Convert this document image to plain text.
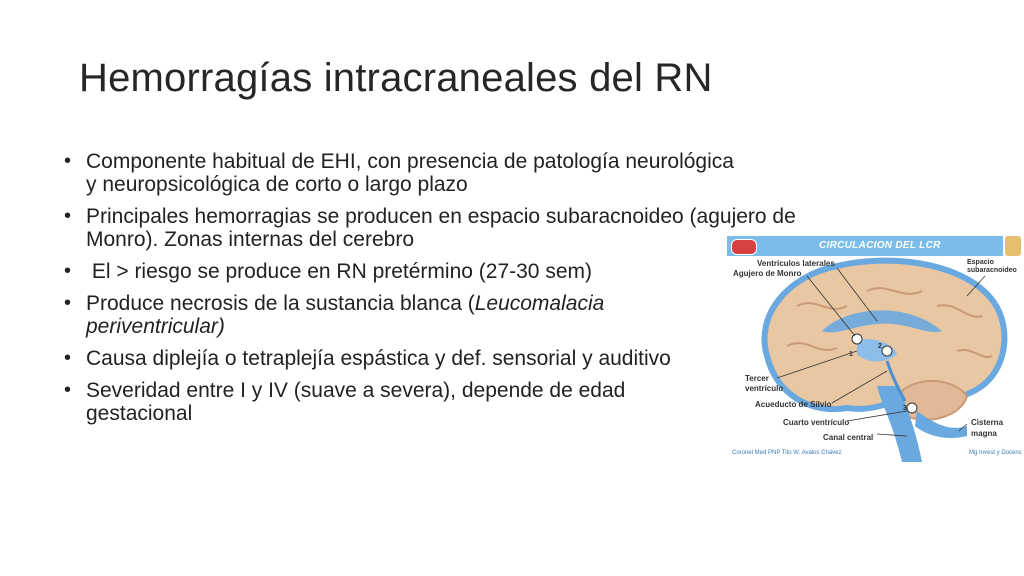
Hemorragías intracraneales del RN
• Componente habitual de EHI, con presencia de patología neurológica y neuropsicológica de corto o largo plazo
• Principales hemorragias se producen en espacio subaracnoideo (agujero de Monro). Zonas internas del cerebro
• El > riesgo se produce en RN pretérmino (27-30 sem)
• Produce necrosis de la sustancia blanca (Leucomalacia periventricular)
• Causa diplejía o tetraplejía espástica y def. sensorial y auditivo
• Severidad entre I y IV (suave a severa), depende de edad gestacional
CIRCULACION DEL LCR
1
2
3
Ventrículos laterales
Agujero de Monro
Espacio
subaracnoideo
Tercer
ventrículo
Acueducto de Silvio
Cuarto ventrículo
Canal central
Cisterna
magna
Coronel Med PNP Tito W. Avalos Chávez	Mg Invest y Docenc
